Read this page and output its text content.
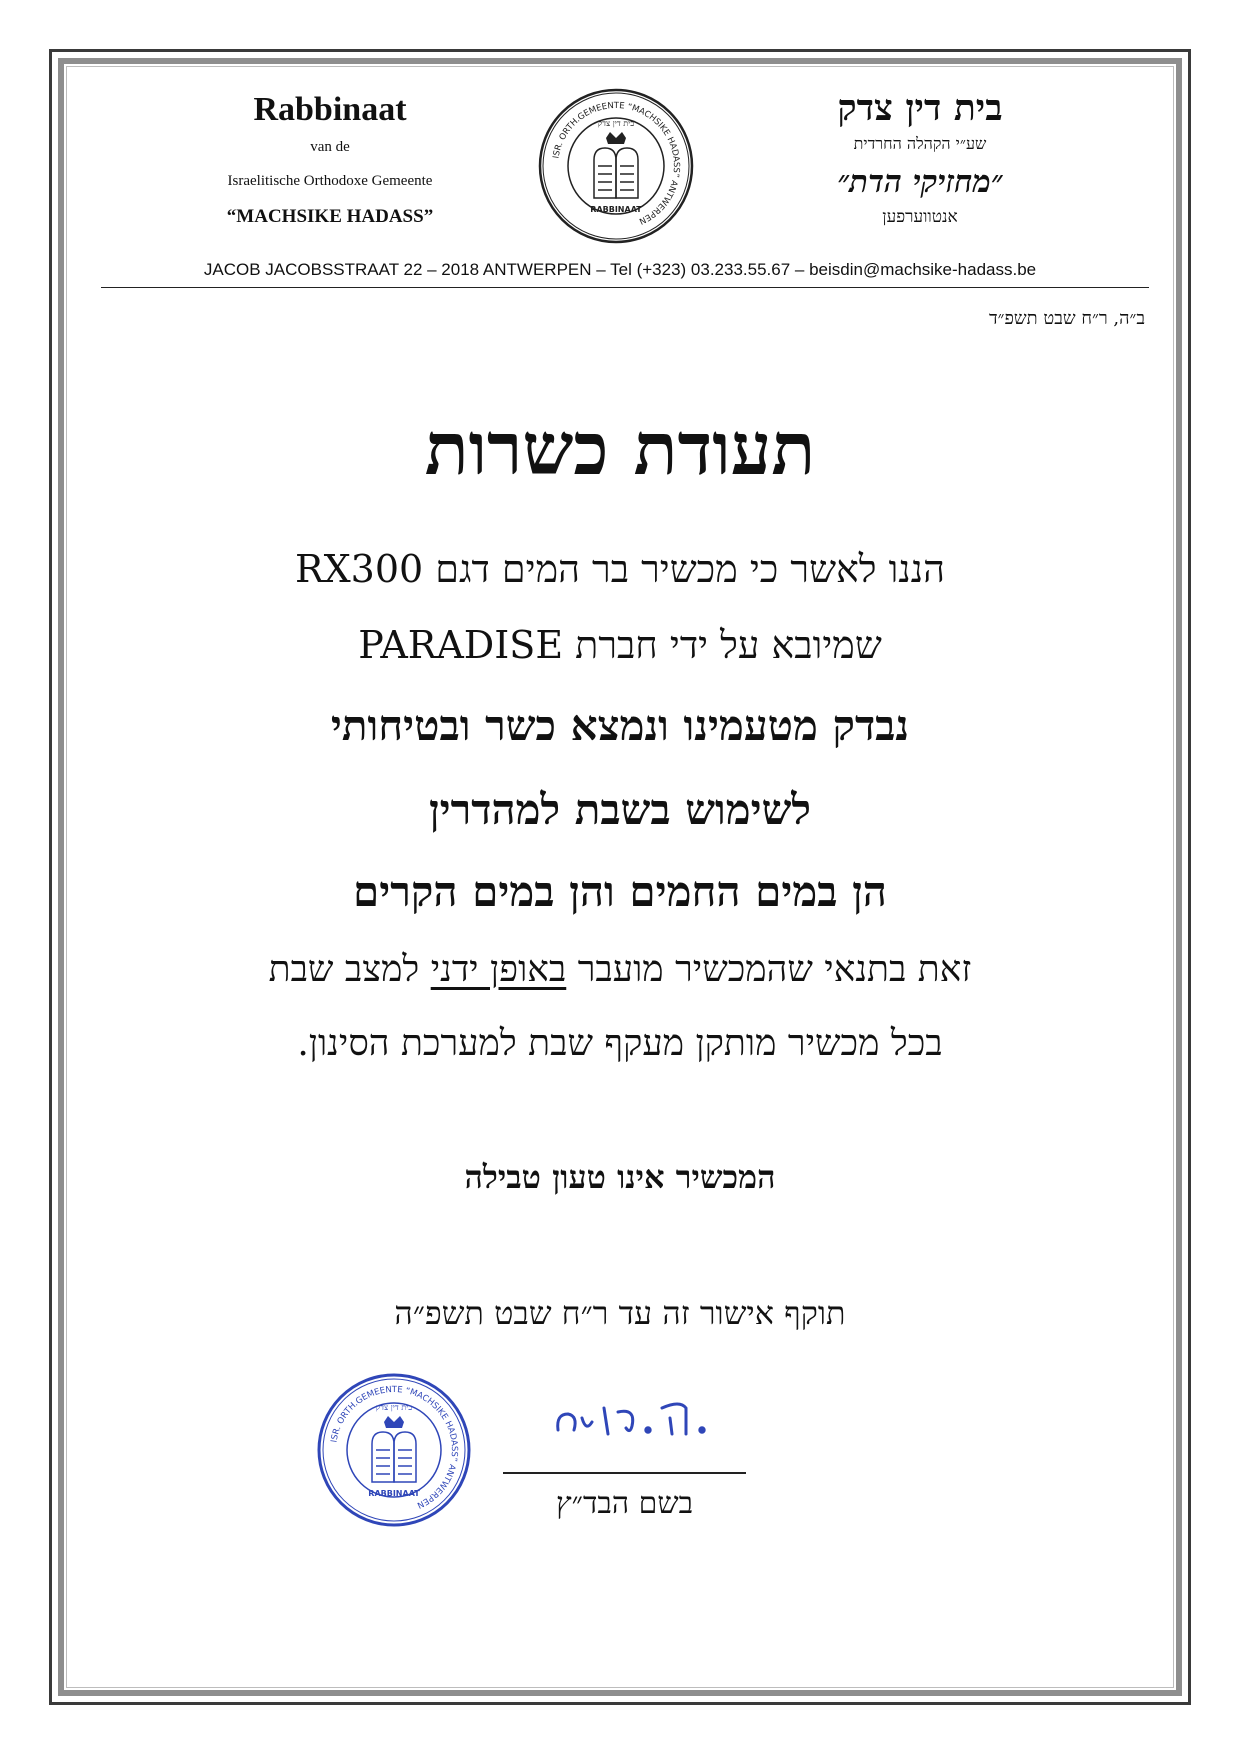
Rabbinaat
van de
Israelitische Orthodoxe Gemeente
“MACHSIKE HADASS”
ISR. ORTH.GEMEENTE “MACHSIKE HADASS” ANTWERPEN
RABBINAAT
בית דין צדק	בית דין צדק
שע״י הקהלה החרדית
״מחזיקי הדת״
אנטווערפען
JACOB JACOBSSTRAAT 22 – 2018 ANTWERPEN – Tel (+323) 03.233.55.67 – beisdin@machsike-hadass.be
ב״ה, ר״ח שבט תשפ״ד
תעודת כשרות
הננו לאשר כי מכשיר בר המים דגם RX300
שמיובא על ידי חברת PARADISE
נבדק מטעמינו ונמצא כשר ובטיחותי
לשימוש בשבת למהדרין
הן במים החמים והן במים הקרים
זאת בתנאי שהמכשיר מועבר באופן ידני למצב שבת
בכל מכשיר מותקן מעקף שבת למערכת הסינון.
המכשיר אינו טעון טבילה
תוקף אישור זה עד ר״ח שבט תשפ״ה
ISR. ORTH.GEMEENTE “MACHSIKE HADASS” ANTWERPEN
RABBINAAT
בית דין צדק
בשם הבד״ץ
